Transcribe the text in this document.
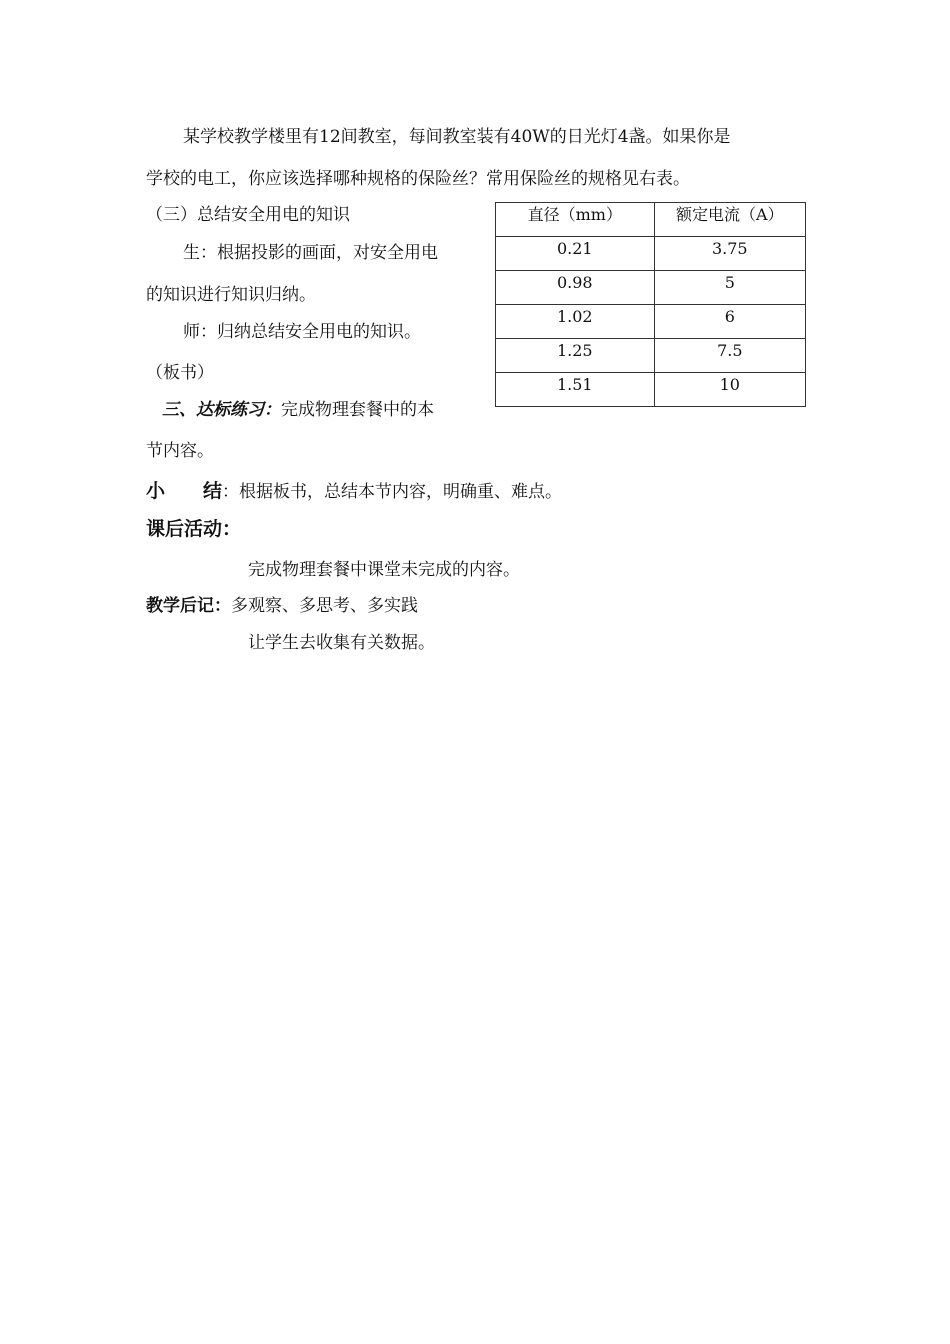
某学校教学楼里有12间教室，每间教室装有40W的日光灯4盏。如果你是
学校的电工，你应该选择哪种规格的保险丝？常用保险丝的规格见右表。
（三）总结安全用电的知识
生：根据投影的画面，对安全用电
的知识进行知识归纳。
师：归纳总结安全用电的知识。
（板书）
三、达标练习：完成物理套餐中的本
节内容。
小　　结：根据板书，总结本节内容，明确重、难点。
课后活动：
完成物理套餐中课堂未完成的内容。
教学后记：多观察、多思考、多实践
让学生去收集有关数据。
直径（mm）	额定电流（A）
0.21	3.75
0.98	5
1.02	6
1.25	7.5
1.51	10
